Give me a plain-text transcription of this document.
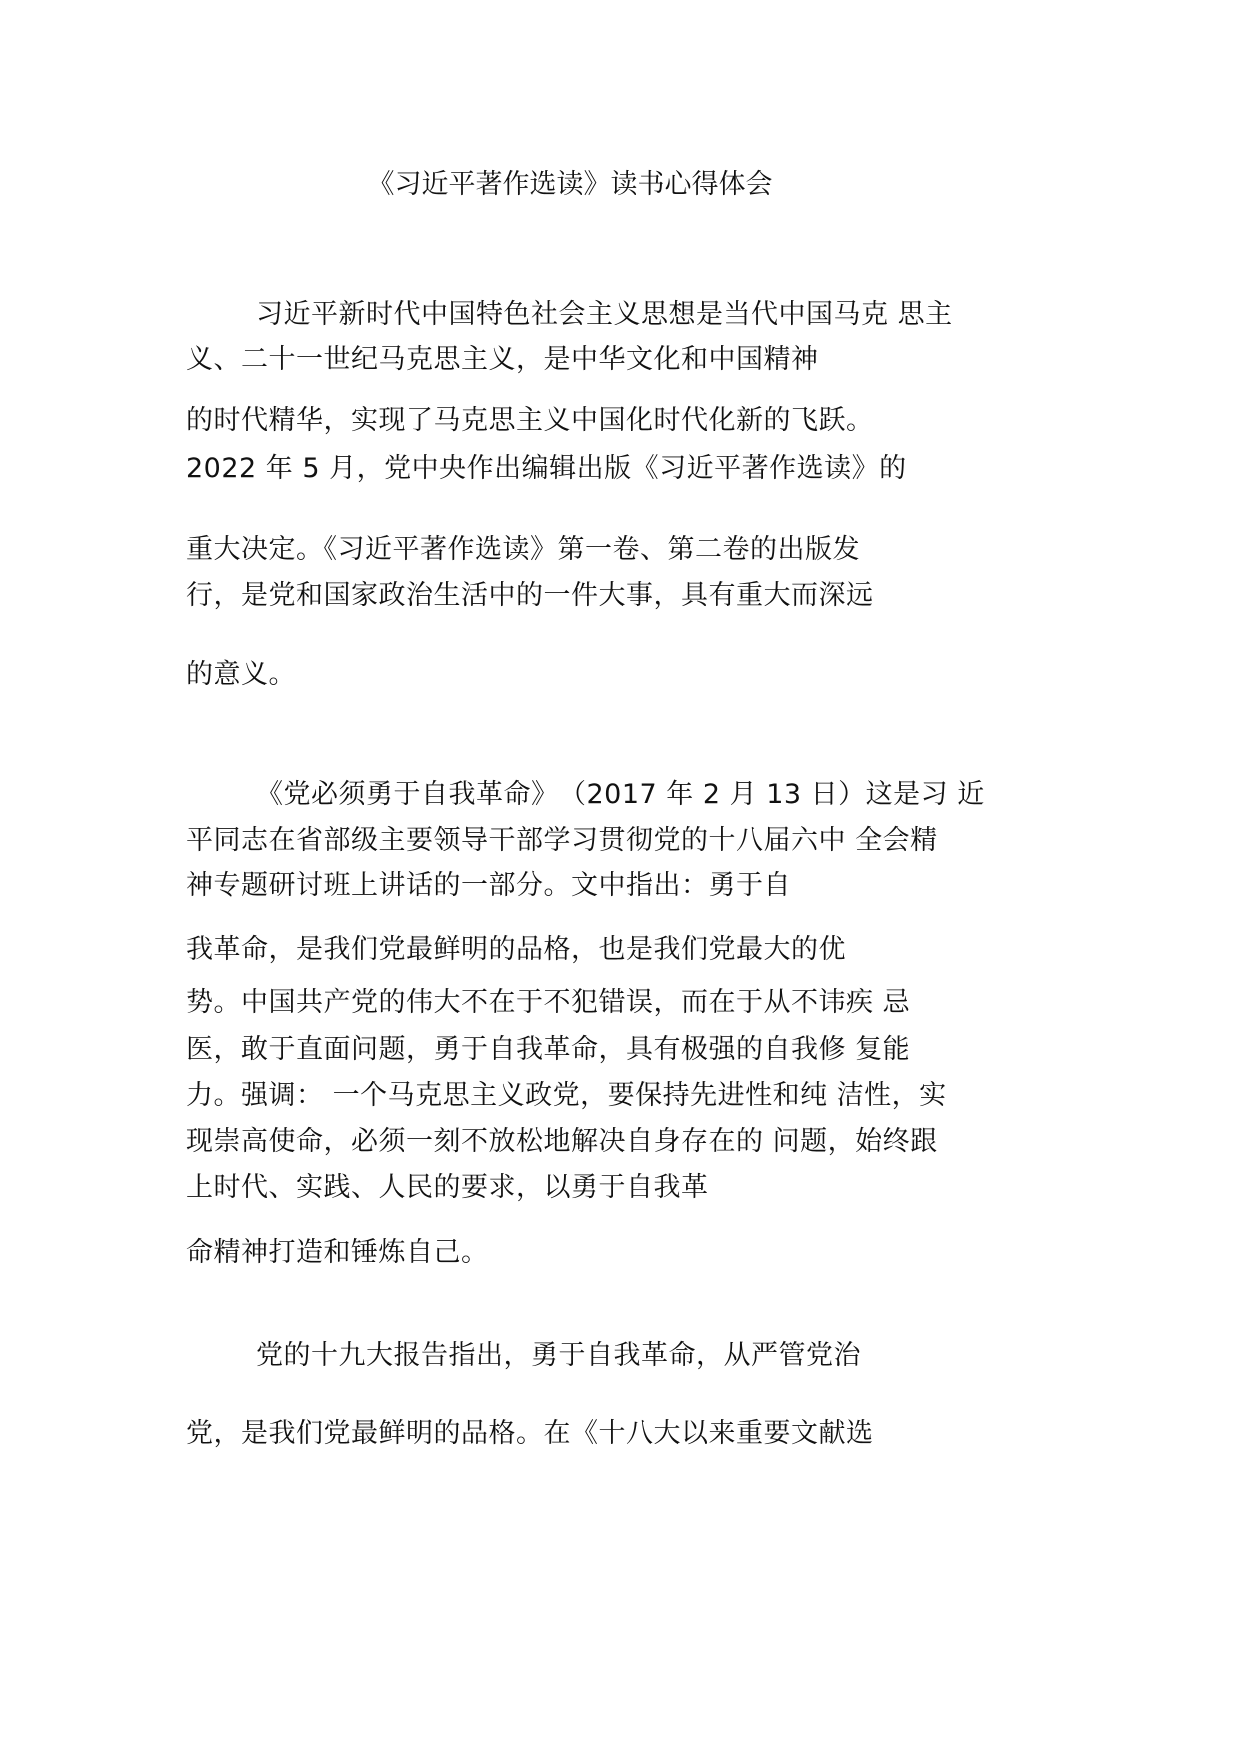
《习近平著作选读》读书心得体会
习近平新时代中国特色社会主义思想是当代中国马克 思主
义、二十一世纪马克思主义，是中华文化和中国精神
的时代精华，实现了马克思主义中国化时代化新的飞跃。
2022 年 5 月，党中央作出编辑出版《习近平著作选读》的
重大决定。《习近平著作选读》第一卷、第二卷的出版发
行，是党和国家政治生活中的一件大事，具有重大而深远
的意义。
《党必须勇于自我革命》　（2017 年 2 月 13 日）这是习 近
平同志在省部级主要领导干部学习贯彻党的十八届六中 全会精
神专题研讨班上讲话的一部分。文中指出：勇于自
我革命，是我们党最鲜明的品格，也是我们党最大的优
势。中国共产党的伟大不在于不犯错误，而在于从不讳疾 忌
医，敢于直面问题，勇于自我革命，具有极强的自我修 复能
力。强调： 一个马克思主义政党，要保持先进性和纯 洁性，实
现崇高使命，必须一刻不放松地解决自身存在的 问题，始终跟
上时代、实践、人民的要求，以勇于自我革
命精神打造和锤炼自己。
党的十九大报告指出，勇于自我革命，从严管党治
党，是我们党最鲜明的品格。在《十八大以来重要文献选
